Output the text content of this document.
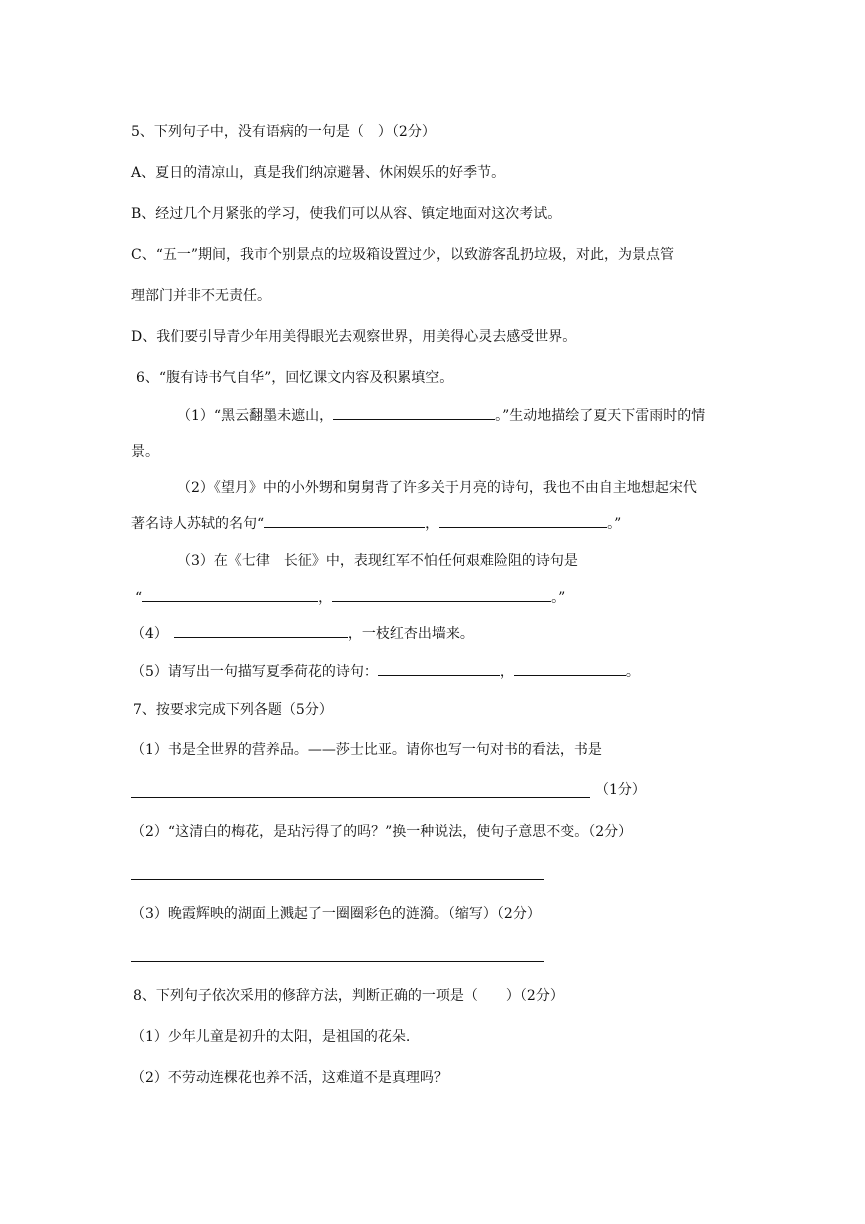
5、下列句子中，没有语病的一句是（　）（2分）
A、夏日的清凉山，真是我们纳凉避暑、休闲娱乐的好季节。
B、经过几个月紧张的学习，使我们可以从容、镇定地面对这次考试。
C、“五一”期间，我市个别景点的垃圾箱设置过少，以致游客乱扔垃圾，对此，为景点管
理部门并非不无责任。
D、我们要引导青少年用美得眼光去观察世界，用美得心灵去感受世界。
6、“腹有诗书气自华”，回忆课文内容及积累填空。
（1）“黑云翻墨未遮山，	。”生动地描绘了夏天下雷雨时的情
景。
（2）《望月》中的小外甥和舅舅背了许多关于月亮的诗句，我也不由自主地想起宋代
著名诗人苏轼的名句“	，	。”
（3）在《七律　长征》中，表现红军不怕任何艰难险阻的诗句是
“	，	。”
（4）	，一枝红杏出墙来。
（5）请写出一句描写夏季荷花的诗句：	，	。
7、按要求完成下列各题（5分）
（1）书是全世界的营养品。——莎士比亚。请你也写一句对书的看法，书是
（1分）
（2）“这清白的梅花，是玷污得了的吗？”换一种说法，使句子意思不变。（2分）
（3）晚霞辉映的湖面上溅起了一圈圈彩色的涟漪。（缩写）（2分）
8、下列句子依次采用的修辞方法，判断正确的一项是（　　）（2分）
（1）少年儿童是初升的太阳，是祖国的花朵.
（2）不劳动连棵花也养不活，这难道不是真理吗？
